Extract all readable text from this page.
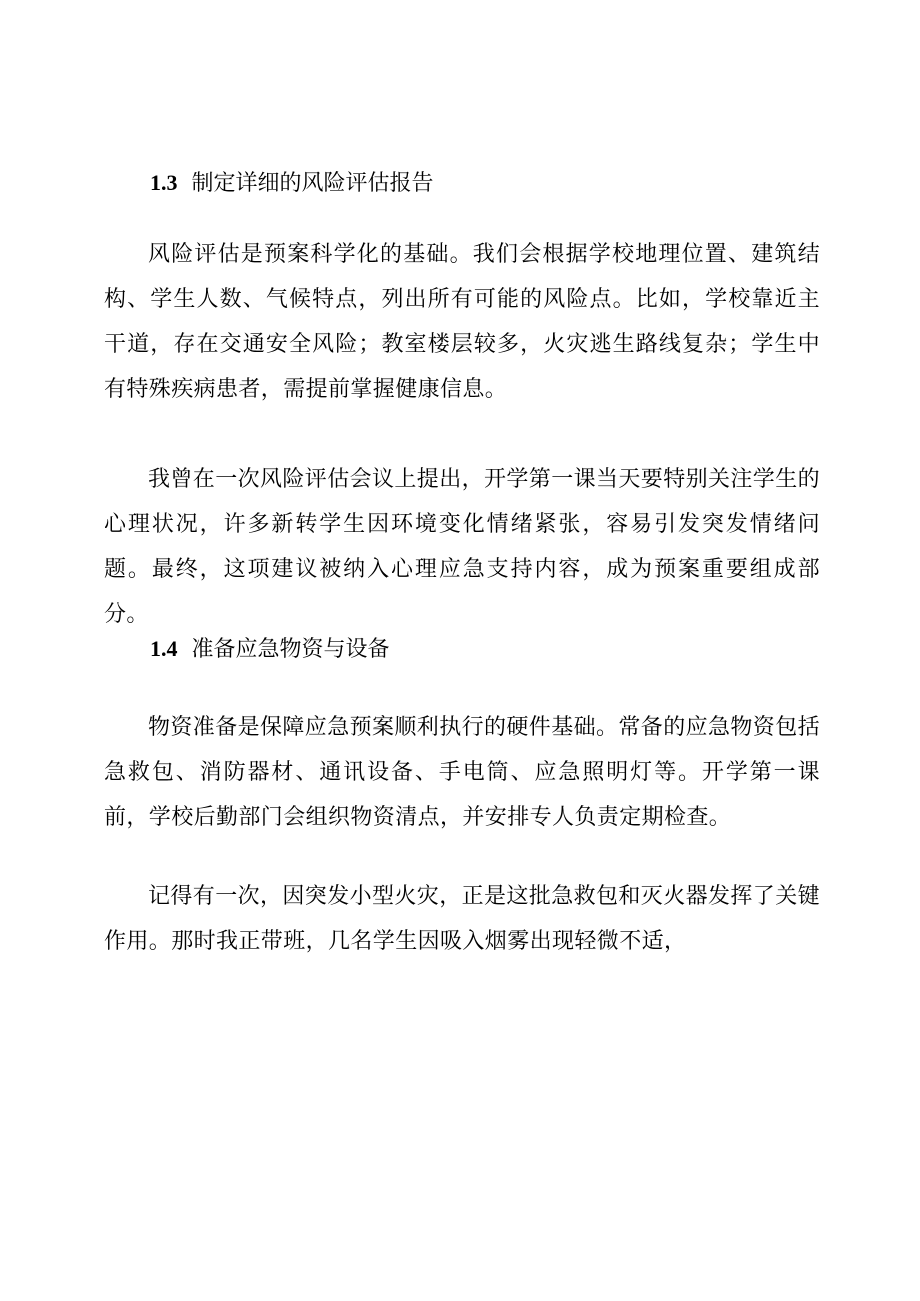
1.3 制定详细的风险评估报告

风险评估是预案科学化的基础。我们会根据学校地理位置、建筑结构、学生人数、气候特点，列出所有可能的风险点。比如，学校靠近主干道，存在交通安全风险；教室楼层较多，火灾逃生路线复杂；学生中有特殊疾病患者，需提前掌握健康信息。

我曾在一次风险评估会议上提出，开学第一课当天要特别关注学生的心理状况，许多新转学生因环境变化情绪紧张，容易引发突发情绪问题。最终，这项建议被纳入心理应急支持内容，成为预案重要组成部分。

1.4 准备应急物资与设备

物资准备是保障应急预案顺利执行的硬件基础。常备的应急物资包括急救包、消防器材、通讯设备、手电筒、应急照明灯等。开学第一课前，学校后勤部门会组织物资清点，并安排专人负责定期检查。

记得有一次，因突发小型火灾，正是这批急救包和灭火器发挥了关键作用。那时我正带班，几名学生因吸入烟雾出现轻微不适，
